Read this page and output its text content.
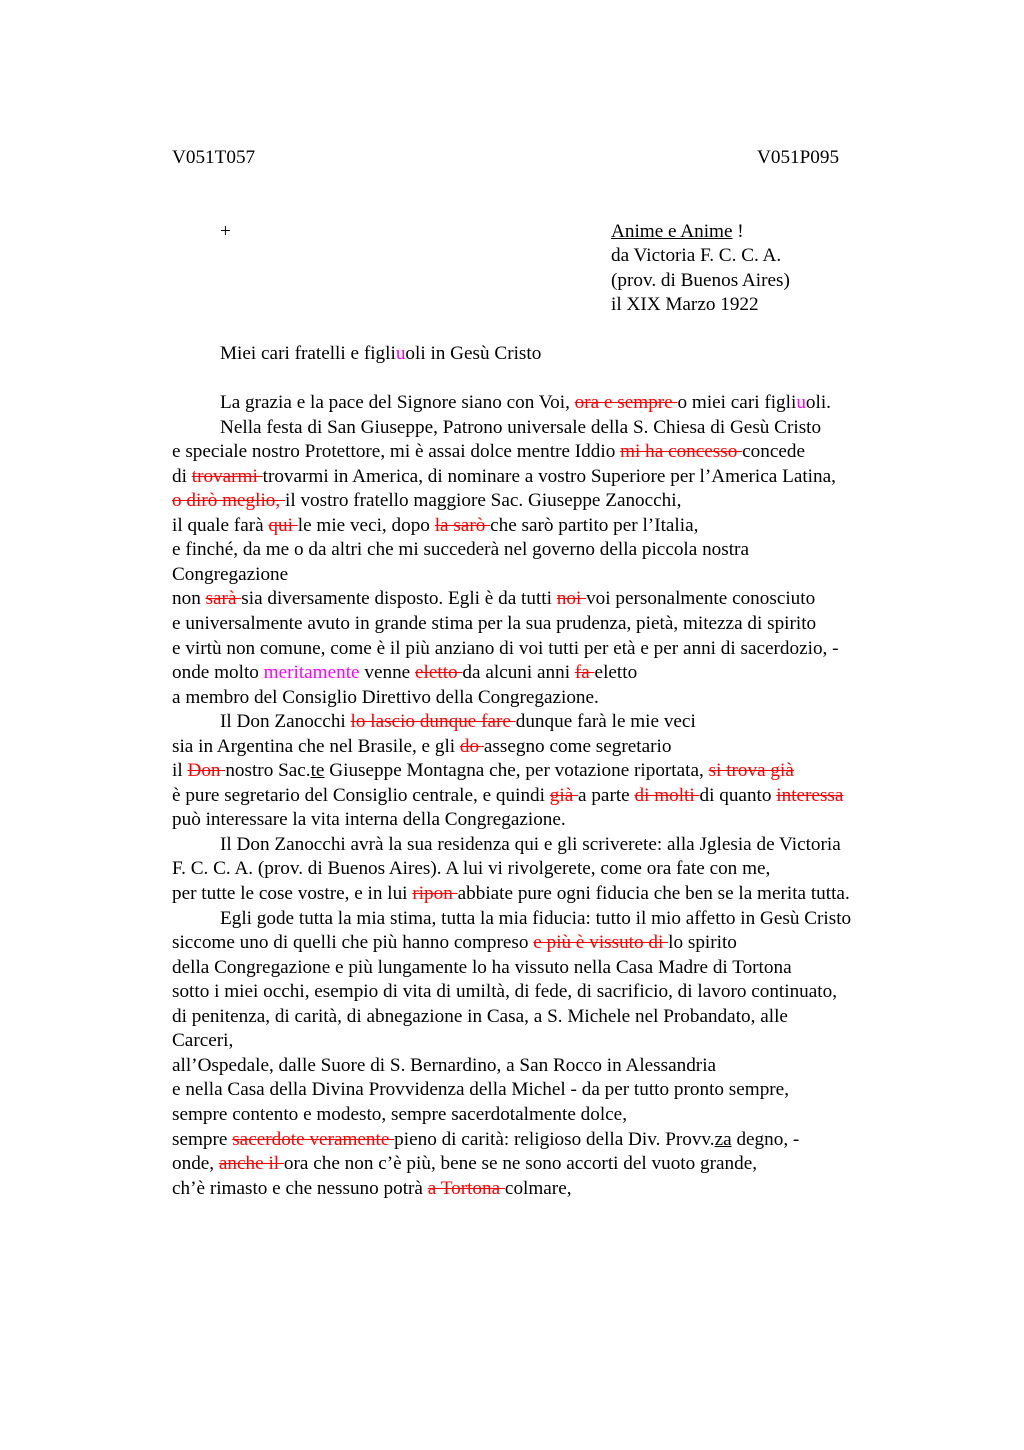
V051T057	V051P095
+	Anime e Anime !
da Victoria F. C. C. A.
(prov. di Buenos Aires)
il XIX Marzo 1922
Miei cari fratelli e figliuoli in Gesù Cristo
La grazia e la pace del Signore siano con Voi, ora e sempre o miei cari figliuoli.
Nella festa di San Giuseppe, Patrono universale della S. Chiesa di Gesù Cristo
e speciale nostro Protettore, mi è assai dolce mentre Iddio mi ha concesso concede
di trovarmi trovarmi in America, di nominare a vostro Superiore per l’America Latina,
o dirò meglio, il vostro fratello maggiore Sac. Giuseppe Zanocchi,
il quale farà qui le mie veci, dopo la sarò che sarò partito per l’Italia,
e finché, da me o da altri che mi succederà nel governo della piccola nostra
Congregazione
non sarà sia diversamente disposto. Egli è da tutti noi voi personalmente conosciuto
e universalmente avuto in grande stima per la sua prudenza, pietà, mitezza di spirito
e virtù non comune, come è il più anziano di voi tutti per età e per anni di sacerdozio, -
onde molto meritamente venne eletto da alcuni anni fa eletto
a membro del Consiglio Direttivo della Congregazione.
Il Don Zanocchi lo lascio dunque fare dunque farà le mie veci
sia in Argentina che nel Brasile, e gli do assegno come segretario
il Don nostro Sac.te Giuseppe Montagna che, per votazione riportata, si trova già
è pure segretario del Consiglio centrale, e quindi già a parte di molti di quanto interessa
può interessare la vita interna della Congregazione.
Il Don Zanocchi avrà la sua residenza qui e gli scriverete: alla Jglesia de Victoria
F. C. C. A. (prov. di Buenos Aires). A lui vi rivolgerete, come ora fate con me,
per tutte le cose vostre, e in lui ripon abbiate pure ogni fiducia che ben se la merita tutta.
Egli gode tutta la mia stima, tutta la mia fiducia: tutto il mio affetto in Gesù Cristo
siccome uno di quelli che più hanno compreso e più è vissuto di lo spirito
della Congregazione e più lungamente lo ha vissuto nella Casa Madre di Tortona
sotto i miei occhi, esempio di vita di umiltà, di fede, di sacrificio, di lavoro continuato,
di penitenza, di carità, di abnegazione in Casa, a S. Michele nel Probandato, alle
Carceri,
all’Ospedale, dalle Suore di S. Bernardino, a San Rocco in Alessandria
e nella Casa della Divina Provvidenza della Michel - da per tutto pronto sempre,
sempre contento e modesto, sempre sacerdotalmente dolce,
sempre sacerdote veramente pieno di carità: religioso della Div. Provv.za degno, -
onde, anche il ora che non c’è più, bene se ne sono accorti del vuoto grande,
ch’è rimasto e che nessuno potrà a Tortona colmare,
